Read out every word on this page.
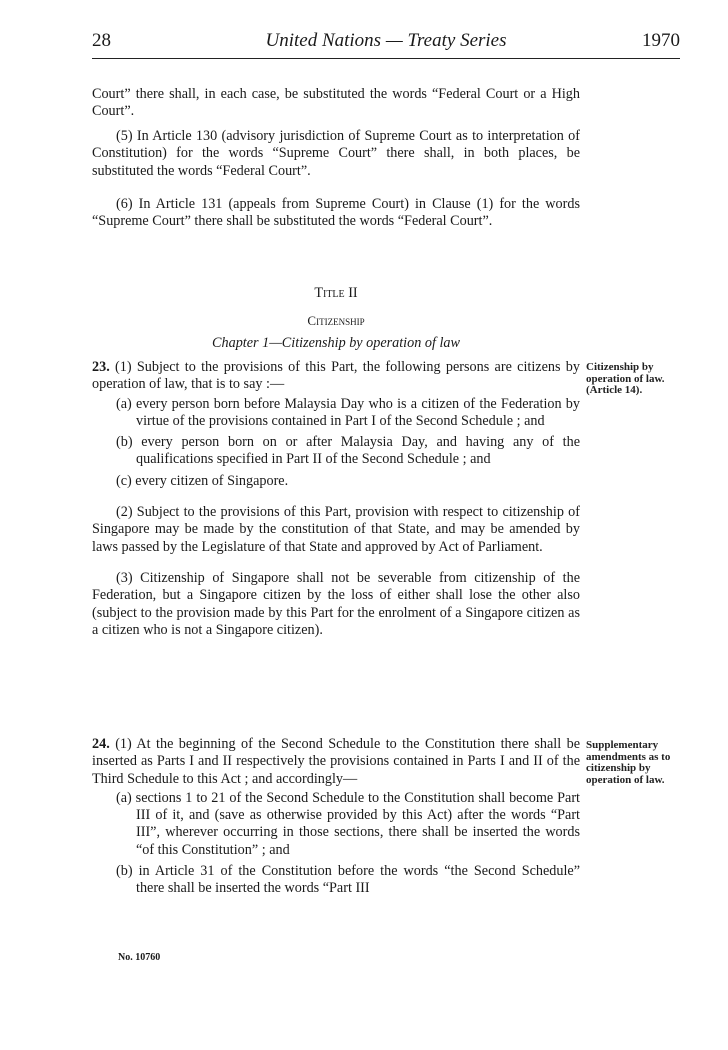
28	United Nations — Treaty Series	1970

Court” there shall, in each case, be substituted the words “Federal Court or a High Court”.

(5) In Article 130 (advisory jurisdiction of Supreme Court as to interpretation of Constitution) for the words “Supreme Court” there shall, in both places, be substituted the words “Federal Court”.

(6) In Article 131 (appeals from Supreme Court) in Clause (1) for the words “Supreme Court” there shall be substituted the words “Federal Court”.

Title II
Citizenship
Chapter 1—Citizenship by operation of law

23. (1) Subject to the provisions of this Part, the following persons are citizens by operation of law, that is to say :—

(a) every person born before Malaysia Day who is a citizen of the Federation by virtue of the provisions contained in Part I of the Second Schedule ; and

(b) every person born on or after Malaysia Day, and having any of the qualifications specified in Part II of the Second Schedule ; and

(c) every citizen of Singapore.

(2) Subject to the provisions of this Part, provision with respect to citizenship of Singapore may be made by the constitution of that State, and may be amended by laws passed by the Legislature of that State and approved by Act of Parliament.

(3) Citizenship of Singapore shall not be severable from citizenship of the Federation, but a Singapore citizen by the loss of either shall lose the other also (subject to the provision made by this Part for the enrolment of a Singapore citizen as a citizen who is not a Singapore citizen).

24. (1) At the beginning of the Second Schedule to the Constitution there shall be inserted as Parts I and II respectively the provisions contained in Parts I and II of the Third Schedule to this Act ; and accordingly—

(a) sections 1 to 21 of the Second Schedule to the Constitution shall become Part III of it, and (save as otherwise provided by this Act) after the words “Part III”, wherever occurring in those sections, there shall be inserted the words “of this Constitution” ; and

(b) in Article 31 of the Constitution before the words “the Second Schedule” there shall be inserted the words “Part III

Citizenship by operation of law. (Article 14).
Supplementary amendments as to citizenship by operation of law.
No. 10760
